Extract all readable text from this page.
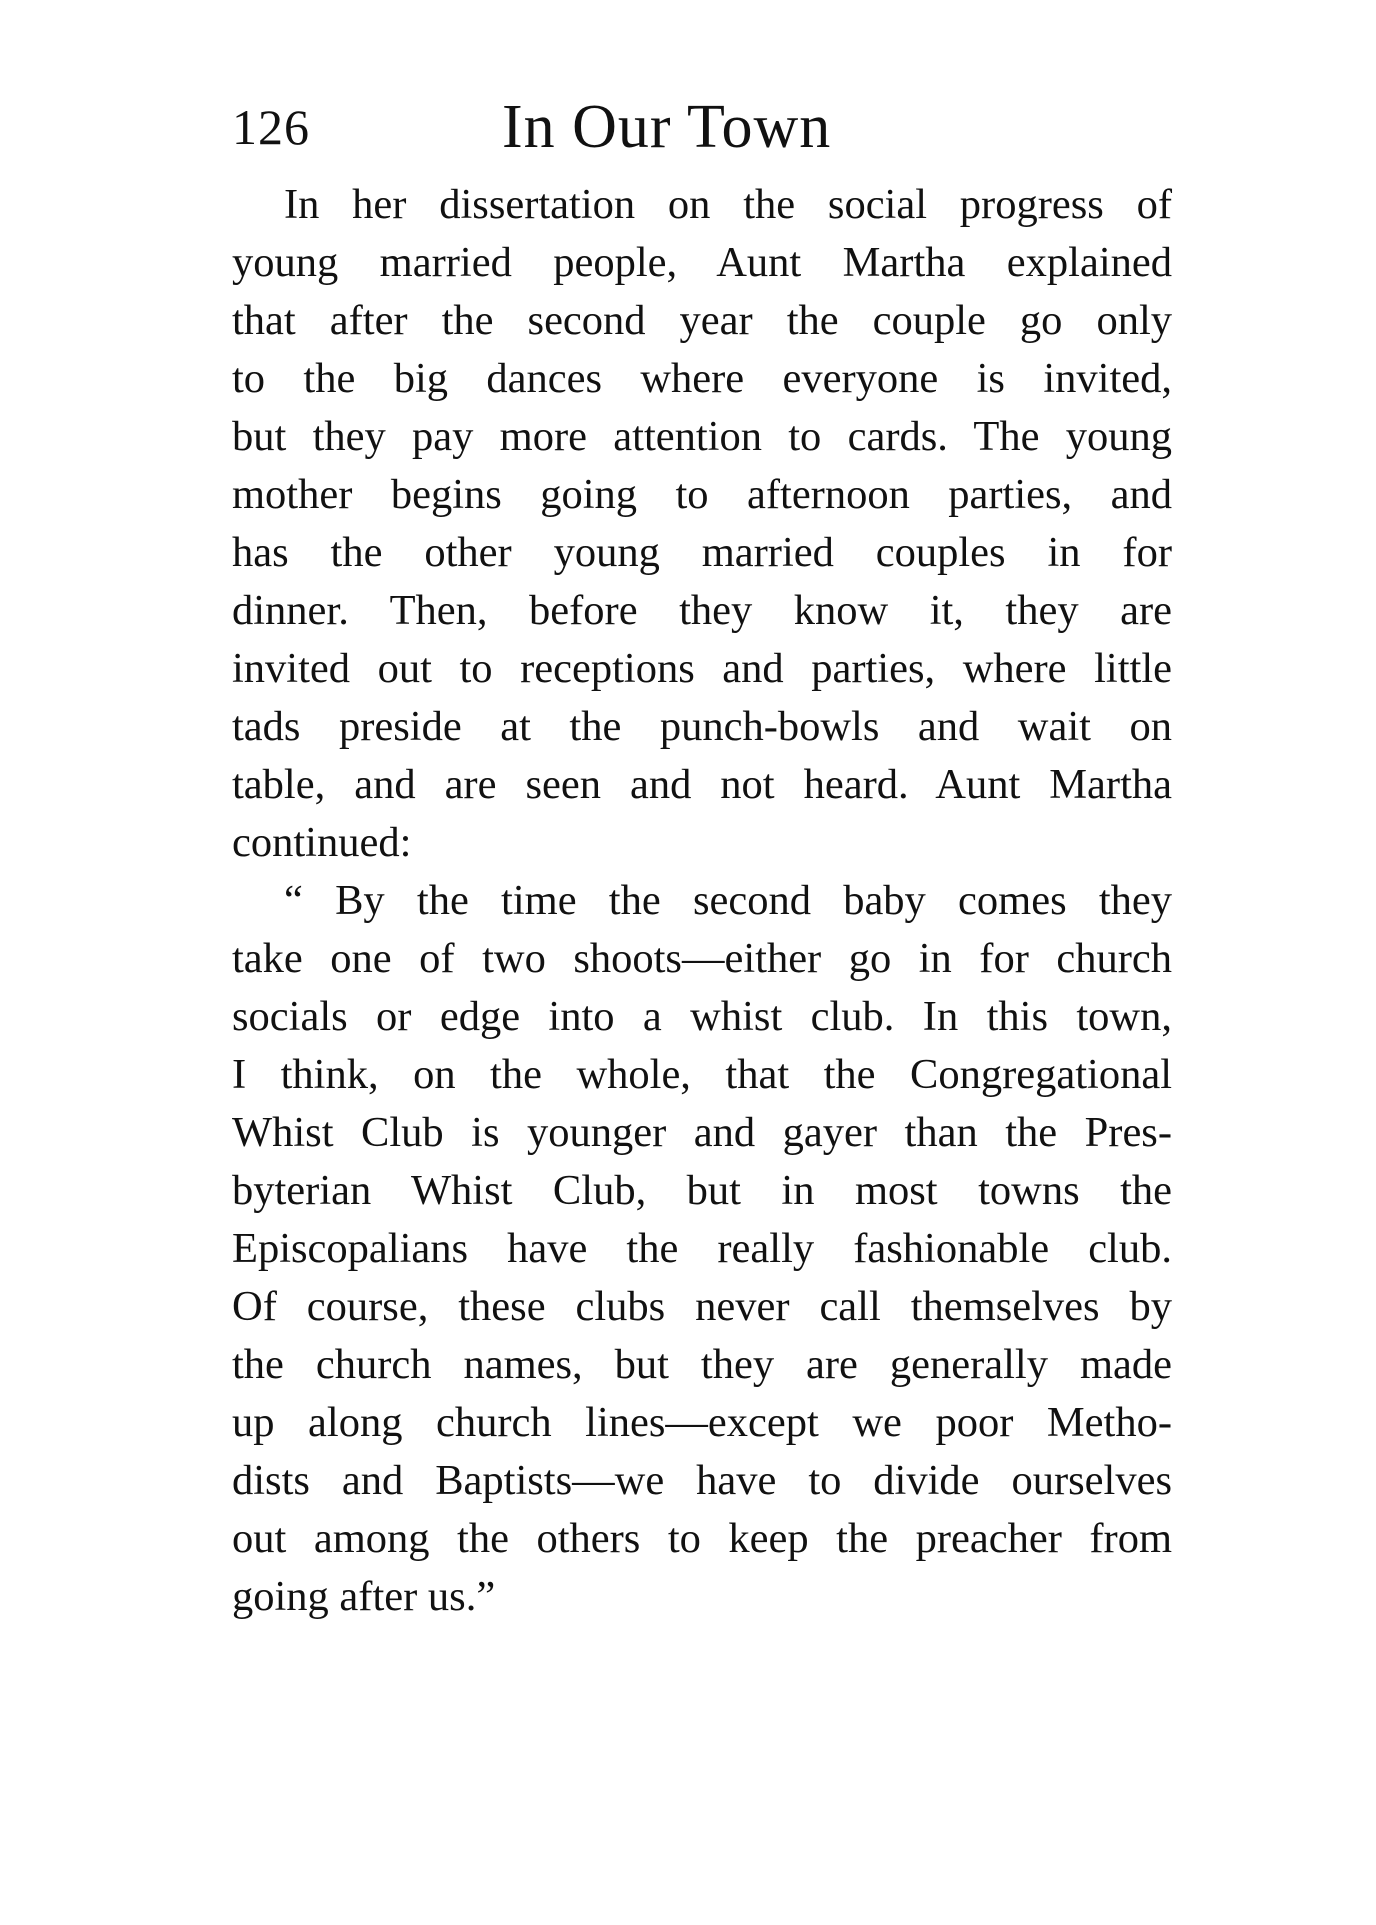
126	In Our Town
In her dissertation on the social progress of
young married people, Aunt Martha explained
that after the second year the couple go only
to the big dances where everyone is invited,
but they pay more attention to cards. The young
mother begins going to afternoon parties, and
has the other young married couples in for
dinner. Then, before they know it, they are
invited out to receptions and parties, where little
tads preside at the punch-bowls and wait on
table, and are seen and not heard. Aunt Martha
continued:
“ By the time the second baby comes they
take one of two shoots—either go in for church
socials or edge into a whist club. In this town,
I think, on the whole, that the Congregational
Whist Club is younger and gayer than the Pres-
byterian Whist Club, but in most towns the
Episcopalians have the really fashionable club.
Of course, these clubs never call themselves by
the church names, but they are generally made
up along church lines—except we poor Metho-
dists and Baptists—we have to divide ourselves
out among the others to keep the preacher from
going after us.”
